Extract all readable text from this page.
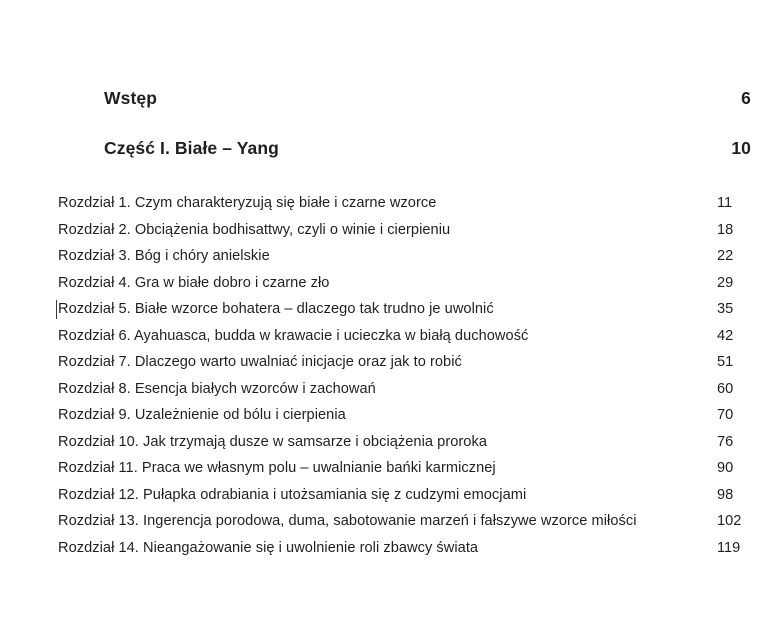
Wstęp	6
Część I. Białe – Yang	10
Rozdział 1. Czym charakteryzują się białe i czarne wzorce	11
Rozdział 2. Obciążenia bodhisattwy, czyli o winie i cierpieniu	18
Rozdział 3. Bóg i chóry anielskie	22
Rozdział 4. Gra w białe dobro i czarne zło	29
Rozdział 5. Białe wzorce bohatera – dlaczego tak trudno je uwolnić	35
Rozdział 6. Ayahuasca, budda w krawacie i ucieczka w białą duchowość	42
Rozdział 7. Dlaczego warto uwalniać inicjacje oraz jak to robić	51
Rozdział 8. Esencja białych wzorców i zachowań	60
Rozdział 9. Uzależnienie od bólu i cierpienia	70
Rozdział 10. Jak trzymają dusze w samsarze i obciążenia proroka	76
Rozdział 11. Praca we własnym polu – uwalnianie bańki karmicznej	90
Rozdział 12. Pułapka odrabiania i utożsamiania się z cudzymi emocjami	98
Rozdział 13. Ingerencja porodowa, duma, sabotowanie marzeń i fałszywe wzorce miłości	102
Rozdział 14. Nieangażowanie się i uwolnienie roli zbawcy świata	119
